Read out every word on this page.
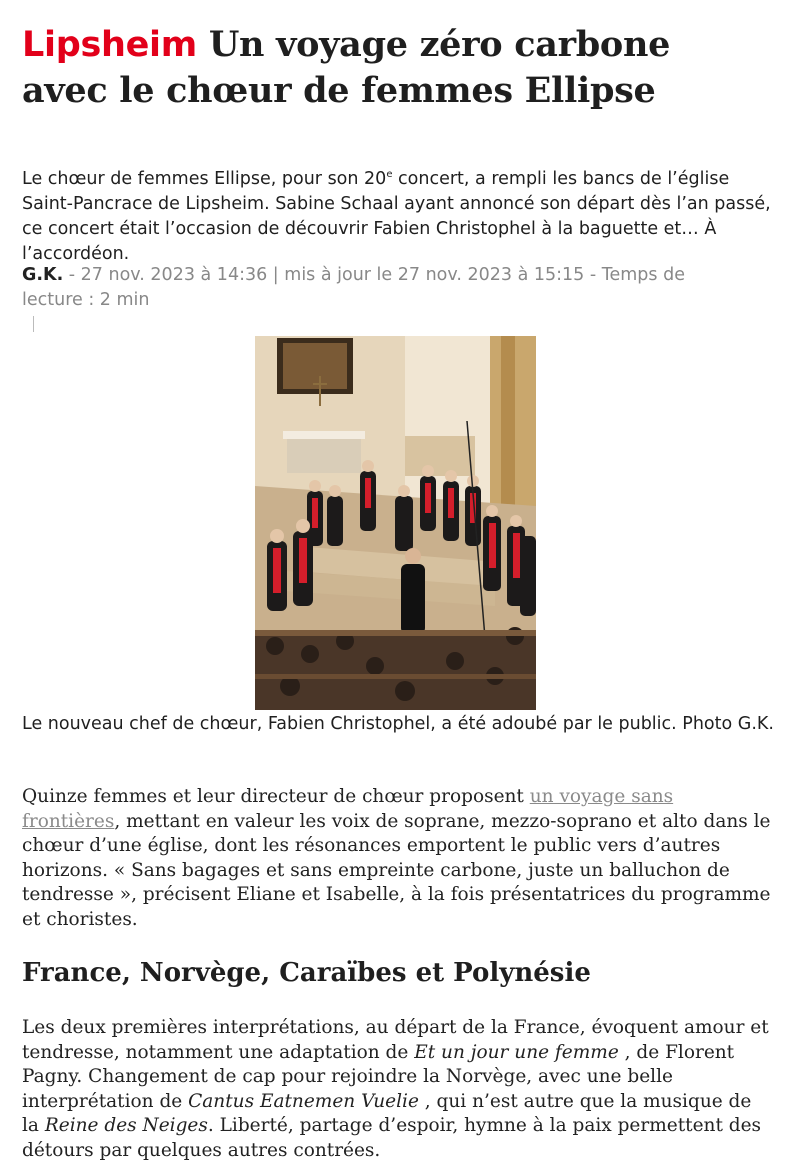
Lipsheim Un voyage zéro carbone avec le chœur de femmes Ellipse

Le chœur de femmes Ellipse, pour son 20e concert, a rempli les bancs de l’église Saint-Pancrace de Lipsheim. Sabine Schaal ayant annoncé son départ dès l’an passé, ce concert était l’occasion de découvrir Fabien Christophel à la baguette et… À l’accordéon.

G.K. - 27 nov. 2023 à 14:36 | mis à jour le 27 nov. 2023 à 15:15 - Temps de lecture : 2 min

Le nouveau chef de chœur, Fabien Christophel, a été adoubé par le public. Photo G.K.

Quinze femmes et leur directeur de chœur proposent un voyage sans frontières, mettant en valeur les voix de soprane, mezzo-soprano et alto dans le chœur d’une église, dont les résonances emportent le public vers d’autres horizons. « Sans bagages et sans empreinte carbone, juste un balluchon de tendresse », précisent Eliane et Isabelle, à la fois présentatrices du programme et choristes.

France, Norvège, Caraïbes et Polynésie

Les deux premières interprétations, au départ de la France, évoquent amour et tendresse, notamment une adaptation de Et un jour une femme , de Florent Pagny. Changement de cap pour rejoindre la Norvège, avec une belle interprétation de Cantus Eatnemen Vuelie , qui n’est autre que la musique de la Reine des Neiges. Liberté, partage d’espoir, hymne à la paix permettent des détours par quelques autres contrées.
